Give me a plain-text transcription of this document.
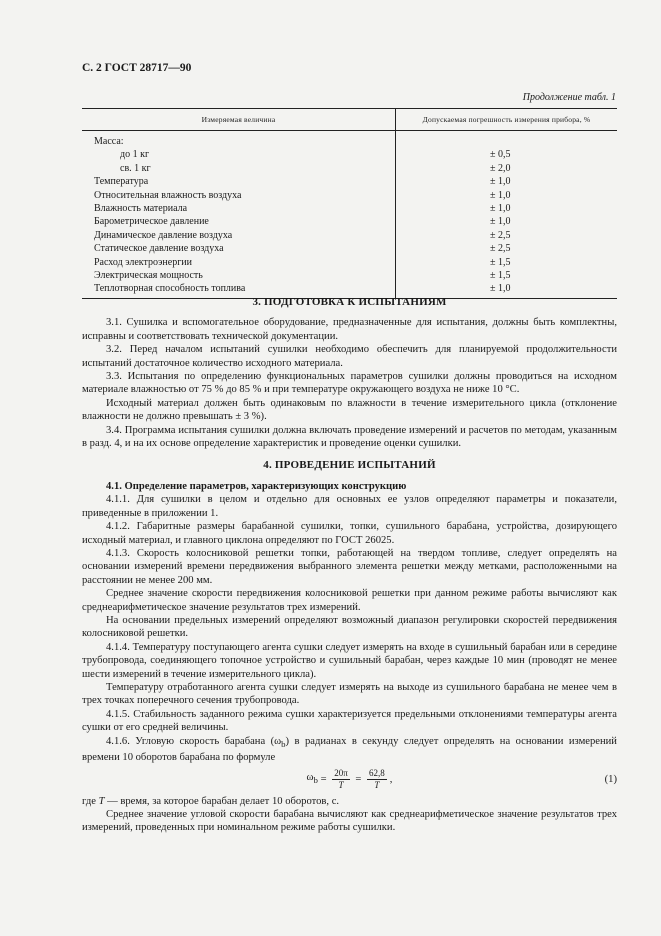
С. 2 ГОСТ 28717—90
Продолжение табл. 1
Измеряемая величина	Допускаемая погрешность измерения прибора, %
Масса:	
до 1 кг	± 0,5
св. 1 кг	± 2,0
Температура	± 1,0
Относительная влажность воздуха	± 1,0
Влажность материала	± 1,0
Барометрическое давление	± 1,0
Динамическое давление воздуха	± 2,5
Статическое давление воздуха	± 2,5
Расход электроэнергии	± 1,5
Электрическая мощность	± 1,5
Теплотворная способность топлива	± 1,0
3. ПОДГОТОВКА К ИСПЫТАНИЯМ

3.1. Сушилка и вспомогательное оборудование, предназначенные для испытания, должны быть комплектны, исправны и соответствовать технической документации.

3.2. Перед началом испытаний сушилки необходимо обеспечить для планируемой продолжительности испытаний достаточное количество исходного материала.

3.3. Испытания по определению функциональных параметров сушилки должны проводиться на исходном материале влажностью от 75 % до 85 % и при температуре окружающего воздуха не ниже 10 °С.

Исходный материал должен быть одинаковым по влажности в течение измерительного цикла (отклонение влажности не должно превышать ± 3 %).

3.4. Программа испытания сушилки должна включать проведение измерений и расчетов по методам, указанным в разд. 4, и на их основе определение характеристик и проведение оценки сушилки.

4. ПРОВЕДЕНИЕ ИСПЫТАНИЙ
4.1. Определение параметров, характеризующих конструкцию

4.1.1. Для сушилки в целом и отдельно для основных ее узлов определяют параметры и показатели, приведенные в приложении 1.

4.1.2. Габаритные размеры барабанной сушилки, топки, сушильного барабана, устройства, дозирующего исходный материал, и главного циклона определяют по ГОСТ 26025.

4.1.3. Скорость колосниковой решетки топки, работающей на твердом топливе, следует определять на основании измерений времени передвижения выбранного элемента решетки между метками, расположенными на расстоянии не менее 200 мм.

Среднее значение скорости передвижения колосниковой решетки при данном режиме работы вычисляют как среднеарифметическое значение результатов трех измерений.

На основании предельных измерений определяют возможный диапазон регулировки скоростей передвижения колосниковой решетки.

4.1.4. Температуру поступающего агента сушки следует измерять на входе в сушильный барабан или в середине трубопровода, соединяющего топочное устройство и сушильный барабан, через каждые 10 мин (проводят не менее шести измерений в течение измерительного цикла).

Температуру отработанного агента сушки следует измерять на выходе из сушильного барабана не менее чем в трех точках поперечного сечения трубопровода.

4.1.5. Стабильность заданного режима сушки характеризуется предельными отклонениями температуры агента сушки от его средней величины.

4.1.6. Угловую скорость барабана $(\omega_b)$ в радианах в секунду следует определять на основании измерений времени 10 оборотов барабана по формуле

$\omega_b = \frac{20\pi}{T} = \frac{62,8}{T}$ ,	(1)

где T — время, за которое барабан делает 10 оборотов, с.

Среднее значение угловой скорости барабана вычисляют как среднеарифметическое значение результатов трех измерений, проведенных при номинальном режиме работы сушилки.
